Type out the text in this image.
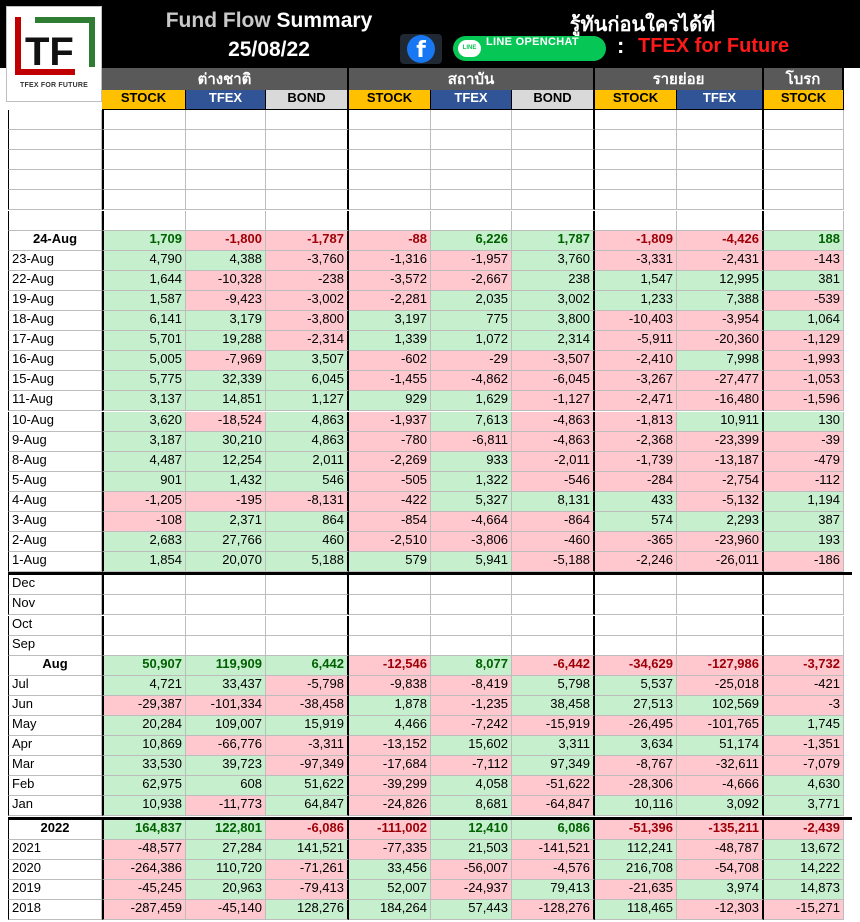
Fund Flow Summary
25/08/22
รู้ทันก่อนใครได้ที่
f	LINE LINE OPENCHAT : TFEX for Future
TF
TFEX FOR FUTURE	ต่างชาติ	สถาบัน	รายย่อย	โบรก
STOCK	TFEX	BOND	STOCK	TFEX	BOND	STOCK	TFEX	STOCK
24-Aug	1,709	-1,800	-1,787	-88	6,226	1,787	-1,809	-4,426	188
23-Aug	4,790	4,388	-3,760	-1,316	-1,957	3,760	-3,331	-2,431	-143
22-Aug	1,644	-10,328	-238	-3,572	-2,667	238	1,547	12,995	381
19-Aug	1,587	-9,423	-3,002	-2,281	2,035	3,002	1,233	7,388	-539
18-Aug	6,141	3,179	-3,800	3,197	775	3,800	-10,403	-3,954	1,064
17-Aug	5,701	19,288	-2,314	1,339	1,072	2,314	-5,911	-20,360	-1,129
16-Aug	5,005	-7,969	3,507	-602	-29	-3,507	-2,410	7,998	-1,993
15-Aug	5,775	32,339	6,045	-1,455	-4,862	-6,045	-3,267	-27,477	-1,053
11-Aug	3,137	14,851	1,127	929	1,629	-1,127	-2,471	-16,480	-1,596
10-Aug	3,620	-18,524	4,863	-1,937	7,613	-4,863	-1,813	10,911	130
9-Aug	3,187	30,210	4,863	-780	-6,811	-4,863	-2,368	-23,399	-39
8-Aug	4,487	12,254	2,011	-2,269	933	-2,011	-1,739	-13,187	-479
5-Aug	901	1,432	546	-505	1,322	-546	-284	-2,754	-112
4-Aug	-1,205	-195	-8,131	-422	5,327	8,131	433	-5,132	1,194
3-Aug	-108	2,371	864	-854	-4,664	-864	574	2,293	387
2-Aug	2,683	27,766	460	-2,510	-3,806	-460	-365	-23,960	193
1-Aug	1,854	20,070	5,188	579	5,941	-5,188	-2,246	-26,011	-186
Dec
Nov
Oct
Sep
Aug	50,907	119,909	6,442	-12,546	8,077	-6,442	-34,629	-127,986	-3,732
Jul	4,721	33,437	-5,798	-9,838	-8,419	5,798	5,537	-25,018	-421
Jun	-29,387	-101,334	-38,458	1,878	-1,235	38,458	27,513	102,569	-3
May	20,284	109,007	15,919	4,466	-7,242	-15,919	-26,495	-101,765	1,745
Apr	10,869	-66,776	-3,311	-13,152	15,602	3,311	3,634	51,174	-1,351
Mar	33,530	39,723	-97,349	-17,684	-7,112	97,349	-8,767	-32,611	-7,079
Feb	62,975	608	51,622	-39,299	4,058	-51,622	-28,306	-4,666	4,630
Jan	10,938	-11,773	64,847	-24,826	8,681	-64,847	10,116	3,092	3,771
2022	164,837	122,801	-6,086	-111,002	12,410	6,086	-51,396	-135,211	-2,439
2021	-48,577	27,284	141,521	-77,335	21,503	-141,521	112,241	-48,787	13,672
2020	-264,386	110,720	-71,261	33,456	-56,007	-4,576	216,708	-54,708	14,222
2019	-45,245	20,963	-79,413	52,007	-24,937	79,413	-21,635	3,974	14,873
2018	-287,459	-45,140	128,276	184,264	57,443	-128,276	118,465	-12,303	-15,271
